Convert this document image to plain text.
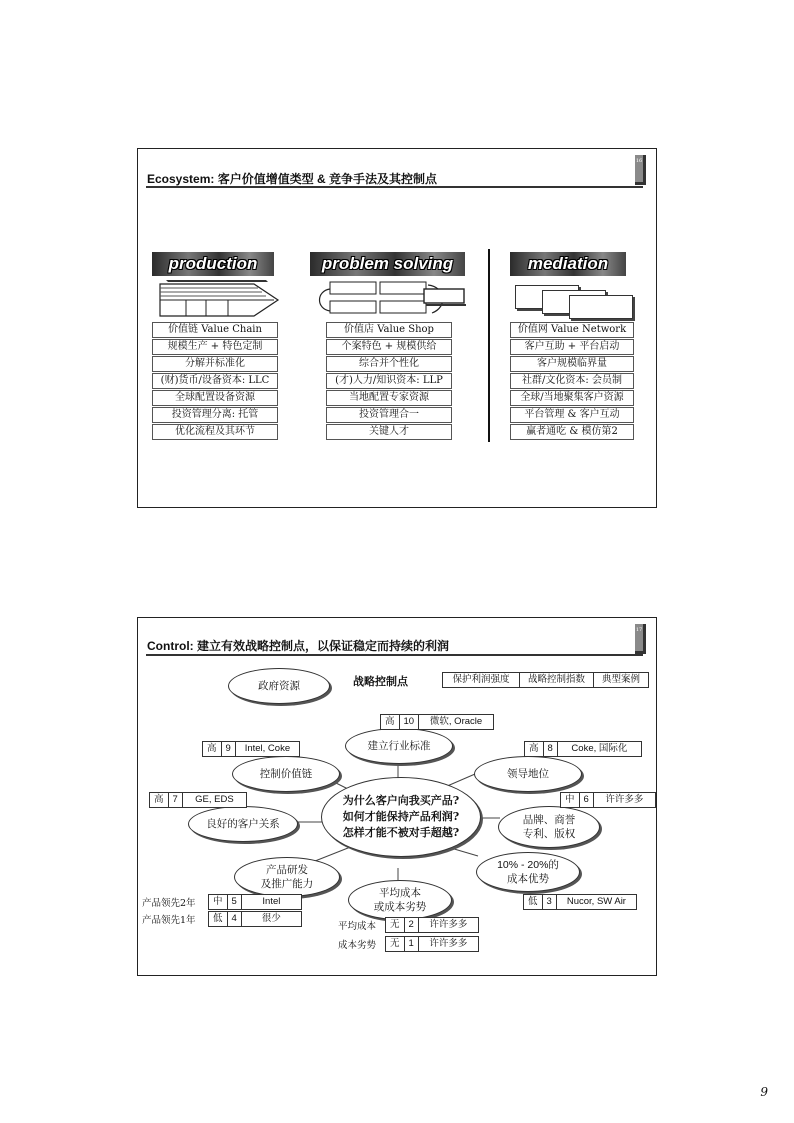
Ecosystem: 客户价值增值类型 & 竞争手法及其控制点
16
production
价值链 Value Chain
规模生产 + 特色定制
分解并标准化
(财)货币/设备资本: LLC
全球配置设备资源
投资管理分离: 托管
优化流程及其环节
problem solving
价值店 Value Shop
个案特色 + 规模供给
综合并个性化
(才)人力/知识资本: LLP
当地配置专家资源
投资管理合一
关键人才
mediation
价值网 Value Network
客户互助 + 平台启动
客户规模临界量
社群/文化资本: 会员制
全球/当地聚集客户资源
平台管理 & 客户互动
赢者通吃 & 模仿第2
Control: 建立有效战略控制点，以保证稳定而持续的利润
17
战略控制点	保护利润强度	战略控制指数	典型案例
政府资源
建立行业标准
控制价值链	领导地位
良好的客户关系
为什么客户向我买产品?
如何才能保持产品利润?
怎样才能不被对手超越?
品牌、商誉
专利、版权
产品研发
及推广能力
10% - 20%的
成本优势
平均成本
或成本劣势
高 10	微软, Oracle
高 9	Intel, Coke	高 8	Coke, 国际化
高 7	GE, EDS	中 6	许许多多
中 5	Intel
低 4	很少
低 3	Nucor, SW Air
无 2	许许多多
无 1	许许多多
产品领先2年
产品领先1年
平均成本
成本劣势
9
